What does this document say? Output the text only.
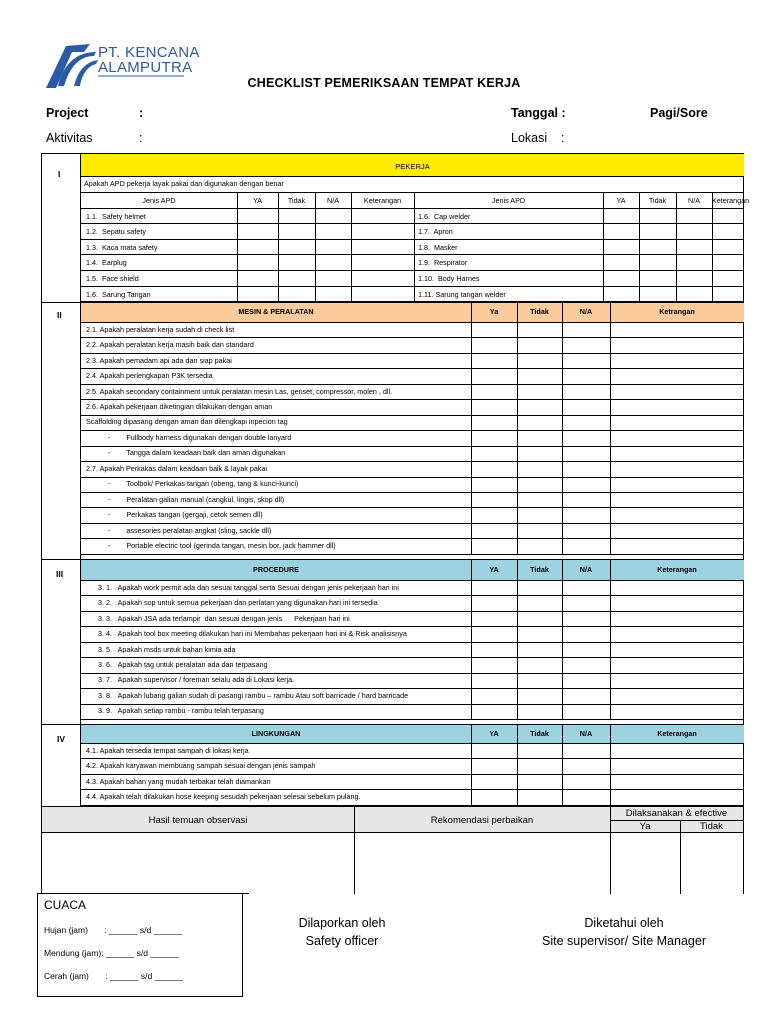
PT. KENCANA
ALAMPUTRA
CHECKLIST PEMERIKSAAN TEMPAT KERJA
Project	:	Tanggal :	Pagi/Sore
Aktivitas	:	Lokasi :
I
PEKERJA
Apakah APD pekerja layak pakai dan digunakan dengan benar
Jenis APD	YA	Tidak	N/A	Keterangan	Jenis APD	YA	Tidak	N/A	Keterangan
1.1.  Safety helmet	1.6.  Cap welder
1.2.  Sepatu safety	1.7.  Apron
1.3.  Kaca mata safety	1.8.  Masker
1.4.  Earplug	1.9.  Respirator
1.5.  Face shield	1.10.  Body Harnes
1.6.  Sarung Tangan	1.11. Sarung tangan welder
II	MESIN & PERALATAN	Ya	Tidak	N/A	Ketrangan
2.1. Apakah peralatan kerja sudah di check list
2.2. Apakah peralatan kerja masih baik dan standard
2.3. Apakah pemadam api ada dan siap pakai
2.4. Apakah perlengkapan P3K tersedia
2.5. Apakah secondary containment untuk peralatan mesin Las, genset, compressor, molen , dll.
2.6. Apakah pekerjaan diketingian dilakukan dengan aman
Scaffolding dipasang dengan aman dan dilengkapi inpecion tag
-        Fullbody harness digunakan dengan double lanyard
-        Tangga dalam keadaan baik dan aman digunakan
2.7. Apakah Perkakas dalam keadaan baik & layak pakai
-        Toolbok/ Perkakas tangan (obeng, tang & kunci-kunci)
-        Peralatan galian manual (cangkul, lingis, skop dll)
-        Perkakas tangan (gergaji, cetok semen dll)
-        assesories peralatan angkat (sling, sackle dll)
-        Portable electric tool (gerinda tangan, mesin bor, jack hammer dll)
III	PROCEDURE	YA	Tidak	N/A	Keterangan
3. 1.   Apakah work permit ada dan sesuai tanggal serta Sesuai dengan jenis pekerjaan hari ini
3. 2.   Apakah sop untuk semua pekerjaan dan perlatan yang digunakan hari ini tersedia
3. 3.   Apakah JSA ada terlampir  dan sesuai dengan jenis      Pekerjaan hari ini
3. 4.   Apakah tool box meeting dilakukan hari ini Membahas pekerjaan hari ini & Risk analisisnya
3. 5.   Apakah msds untuk bahan kimia ada
3. 6.   Apakah tag untuk peralatan ada dan terpasang
3. 7.   Apakah supervisor / foreman selalu ada di Lokasi kerja.
3. 8.   Apakah lubang galian sudah di pasangi rambu – rambu Atau soft barricade / hard barricade
3. 9.   Apakah setiap rambu - rambu telah terpasang
IV
LINGKUNGAN	YA	Tidak	N/A	Keterangan
4.1. Apakah tersedia tempat sampah di lokasi kerja
4.2. Apakah karyawan membuang sampah sesuai dengan jenis sampah
4.3. Apakah bahan yang mudah terbakar telah diamankan
4.4. Apakah telah dilakukan hose keeping sesudah pekerjaan selesai sebelum pulang.
Hasil temuan observasi	Rekomendasi perbaikan
Dilaksanakan & efective
Ya	Tidak
CUACA
Hujan (jam)       : ______ s/d ______
Mendung (jam): ______ s/d ______
Cerah (jam)       : ______ s/d ______
Dilaporkan oleh
Safety officer
Diketahui oleh
Site supervisor/ Site Manager
